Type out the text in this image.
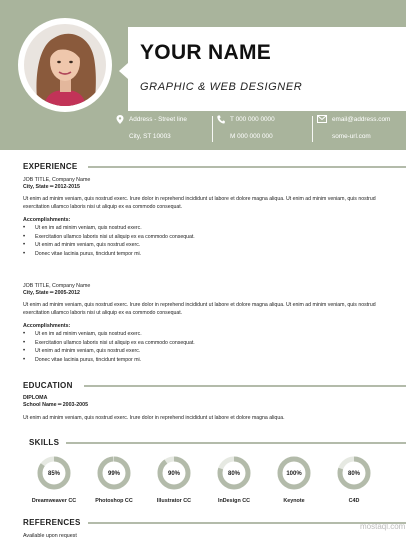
YOUR NAME
GRAPHIC & WEB DESIGNER
Address - Street line
City, ST 10003
T 000 000 0000
M 000 000 000
email@address.com
some-url.com
EXPERIENCE
JOB TITLE, Company Name
City, State ━ 2012-2015
Ut enim ad minim veniam, quis nostrud exerc. Irure dolor in reprehend incididunt ut labore et dolore magna aliqua. Ut enim ad minim veniam, quis nostrud exercitation ullamco laboris nisi ut aliquip ex ea commodo consequat.
Accomplishments:
• Ut en im ad minim veniam, quis nostrud exerc.
• Exercitation ullamco laboris nisi ut aliquip ex ea commodo consequat.
• Ut enim ad minim veniam, quis nostrud exerc.
• Donec vitae lacinia purus, tincidunt tempor mi.
JOB TITLE, Company Name
City, State ━ 2005-2012
Ut enim ad minim veniam, quis nostrud exerc. Irure dolor in reprehend incididunt ut labore et dolore magna aliqua. Ut enim ad minim veniam, quis nostrud exercitation ullamco laboris nisi ut aliquip ex ea commodo consequat.
Accomplishments:
• Ut en im ad minim veniam, quis nostrud exerc.
• Exercitation ullamco laboris nisi ut aliquip ex ea commodo consequat.
• Ut enim ad minim veniam, quis nostrud exerc.
• Donec vitae lacinia purus, tincidunt tempor mi.
EDUCATION
DIPLOMA
School Name ━ 2003-2005
Ut enim ad minim veniam, quis nostrud exerc. Irure dolor in reprehend incididunt ut labore et dolore magna aliqua.
SKILLS
85%
Dreamweaver CC
99%
Photoshop CC
90%
Illustrator CC
80%
InDesign CC
100%
Keynote
80%
C4D
REFERENCES
Available upon request
mostaql.com
